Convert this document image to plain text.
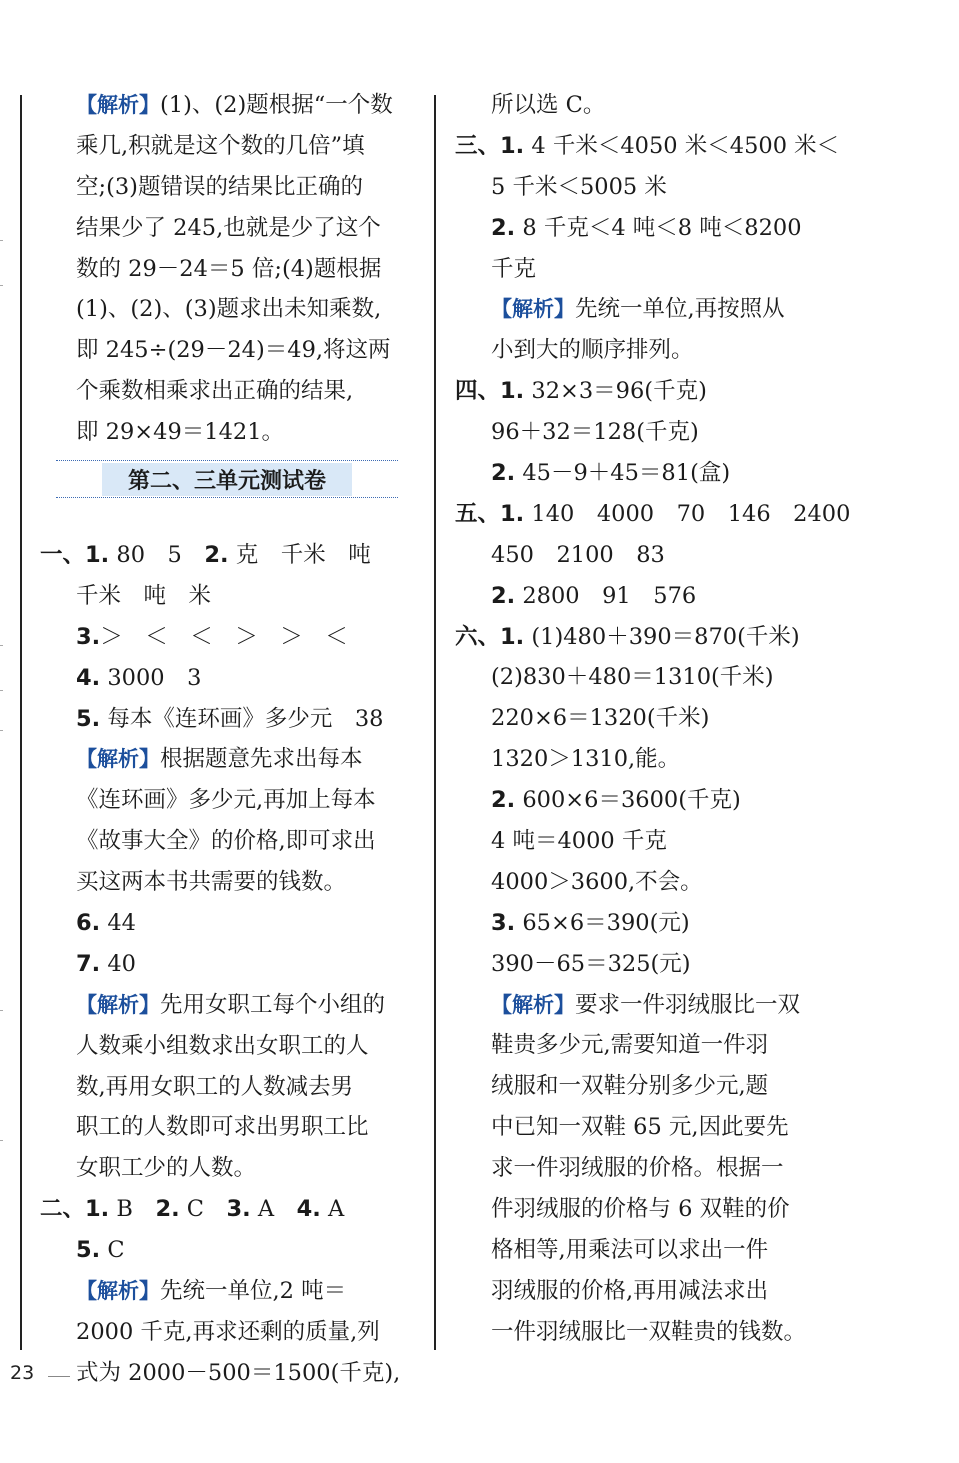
【解析】(1)、(2)题根据“一个数
乘几,积就是这个数的几倍”填
空;(3)题错误的结果比正确的
结果少了 245,也就是少了这个
数的 29－24＝5 倍;(4)题根据
(1)、(2)、(3)题求出未知乘数,
即 245÷(29－24)＝49,将这两
个乘数相乘求出正确的结果,
即 29×49＝1421。
一、1. 80　5　 2. 克　千米　吨
千米　吨　米
3.＞　＜　＜　＞　＞　＜
4. 3000　3
5. 每本《连环画》多少元　38
【解析】根据题意先求出每本
《连环画》多少元,再加上每本
《故事大全》的价格,即可求出
买这两本书共需要的钱数。
6. 44
7. 40
【解析】先用女职工每个小组的
人数乘小组数求出女职工的人
数,再用女职工的人数减去男
职工的人数即可求出男职工比
女职工少的人数。
二、1. B　 2. C　 3. A　 4. A
5. C
【解析】先统一单位,2 吨＝
2000 千克,再求还剩的质量,列
式为 2000－500＝1500(千克),
第二、三单元测试卷
所以选 C。
三、1. 4 千米＜4050 米＜4500 米＜
5 千米＜5005 米
2. 8 千克＜4 吨＜8 吨＜8200
千克
【解析】先统一单位,再按照从
小到大的顺序排列。
四、1. 32×3＝96(千克)
96＋32＝128(千克)
2. 45－9＋45＝81(盒)
五、1. 140　4000　70　146　2400
450　2100　83
2. 2800　91　576
六、1. (1)480＋390＝870(千米)
(2)830＋480＝1310(千米)
220×6＝1320(千米)
1320＞1310,能。
2. 600×6＝3600(千克)
4 吨＝4000 千克
4000＞3600,不会。
3. 65×6＝390(元)
390－65＝325(元)
【解析】要求一件羽绒服比一双
鞋贵多少元,需要知道一件羽
绒服和一双鞋分别多少元,题
中已知一双鞋 65 元,因此要先
求一件羽绒服的价格。根据一
件羽绒服的价格与 6 双鞋的价
格相等,用乘法可以求出一件
羽绒服的价格,再用减法求出
一件羽绒服比一双鞋贵的钱数。
23
